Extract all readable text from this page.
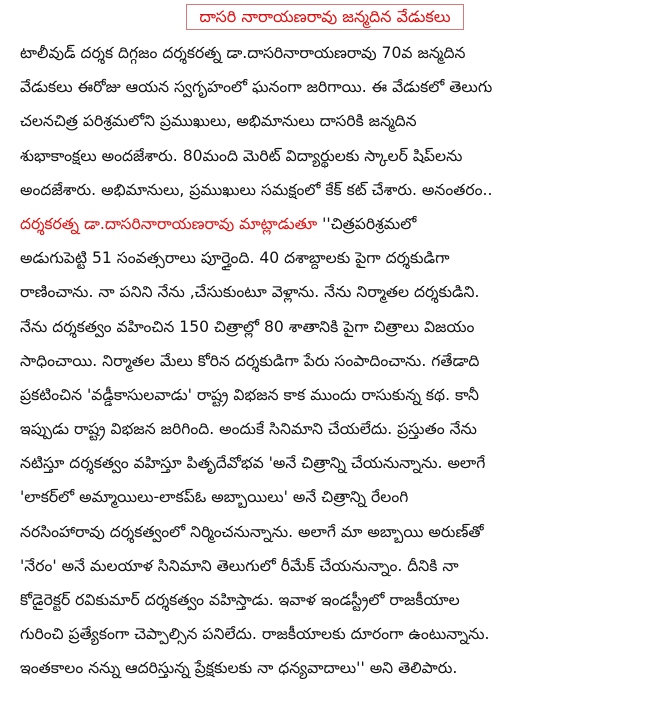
దాసరి నారాయణరావు జన్మదిన వేడుకలు
టాలీవుడ్ దర్శక దిగ్గజం దర్శకరత్న డా.దాసరినారాయణరావు 70వ జన్మదిన
వేడుకలు ఈరోజు ఆయన స్వగృహంలో ఘనంగా జరిగాయి. ఈ వేడుకలో తెలుగు
చలనచిత్ర పరిశ్రమలోని ప్రముఖులు, అభిమానులు దాసరికి జన్మదిన
శుభాకాంక్షలు అందజేశారు. 80మంది మెరిట్ విద్యార్థులకు స్కాలర్ షిప్‌లను
అందజేశారు. అభిమానులు, ప్రముఖులు సమక్షంలో కేక్ కట్ చేశారు. అనంతరం..
దర్శకరత్న డా.దాసరినారాయణరావు మాట్లాడుతూ ''చిత్రపరిశ్రమలో
అడుగుపెట్టి 51 సంవత్సరాలు పూర్తైంది. 40 దశాబ్దాలకు పైగా దర్శకుడిగా
రాణించాను. నా పనిని నేను ,చేసుకుంటూ వెళ్లాను. నేను నిర్మాతల దర్శకుడిని.
నేను దర్శకత్వం వహించిన 150 చిత్రాల్లో 80 శాతానికి పైగా చిత్రాలు విజయం
సాధించాయి. నిర్మాతల మేలు కోరిన దర్శకుడిగా పేరు సంపాదించాను. గతేడాది
ప్రకటించిన 'వడ్డీకాసులవాడు' రాష్ట్ర విభజన కాక ముందు రాసుకున్న కథ. కానీ
ఇప్పుడు రాష్ట్ర విభజన జరిగింది. అందుకే సినిమాని చేయలేదు. ప్రస్తుతం నేను
నటిస్తూ దర్శకత్వం వహిస్తూ పితృదేవోభవ 'అనే చిత్రాన్ని చేయనున్నాను. అలాగే
'లాకర్‌లో అమ్మాయిలు-లాకప్‌ఓ అబ్బాయిలు' అనే చిత్రాన్ని రేలంగి
నరసింహారావు దర్శకత్వంలో నిర్మించనున్నాను. అలాగే మా అబ్బాయి అరుణ్‌తో
'నేరం' అనే మలయాళ సినిమాని తెలుగులో రీమేక్ చేయనున్నాం. దీనికి నా
కోడైరెక్టర్ రవికుమార్ దర్శకత్వం వహిస్తాడు. ఇవాళ ఇండస్ట్రీలో రాజకీయాల
గురించి ప్రత్యేకంగా చెప్పాల్సిన పనిలేదు. రాజకీయాలకు దూరంగా ఉంటున్నాను.
ఇంతకాలం నన్ను ఆదరిస్తున్న ప్రేక్షకులకు నా ధన్యవాదాలు'' అని తెలిపారు.
